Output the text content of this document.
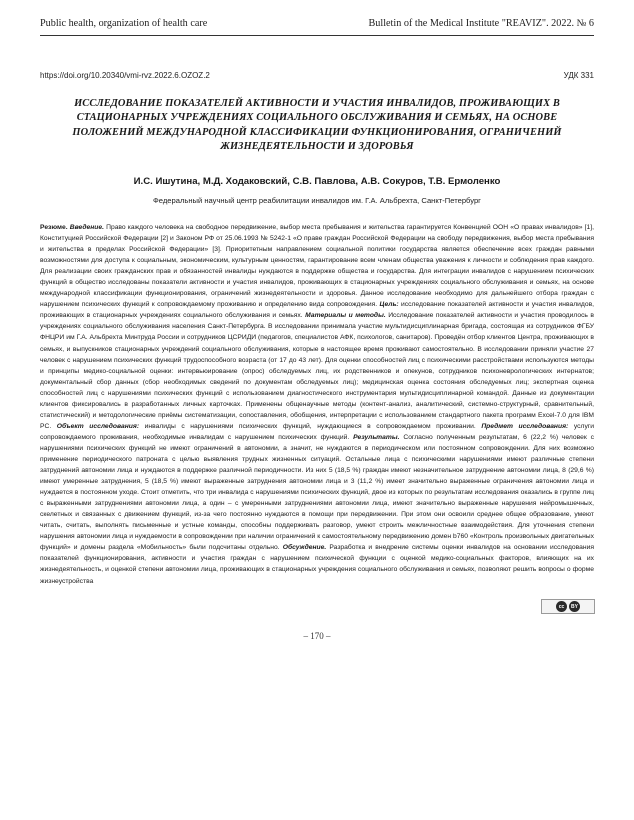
Public health, organization of health care	Bulletin of the Medical Institute "REAVIZ". 2022. № 6
https://doi.org/10.20340/vmi-rvz.2022.6.OZOZ.2	УДК 331
ИССЛЕДОВАНИЕ ПОКАЗАТЕЛЕЙ АКТИВНОСТИ И УЧАСТИЯ ИНВАЛИДОВ, ПРОЖИВАЮЩИХ В СТАЦИОНАРНЫХ УЧРЕЖДЕНИЯХ СОЦИАЛЬНОГО ОБСЛУЖИВАНИЯ И СЕМЬЯХ, НА ОСНОВЕ ПОЛОЖЕНИЙ МЕЖДУНАРОДНОЙ КЛАССИФИКАЦИИ ФУНКЦИОНИРОВАНИЯ, ОГРАНИЧЕНИЙ ЖИЗНЕДЕЯТЕЛЬНОСТИ И ЗДОРОВЬЯ
И.С. Ишутина, М.Д. Ходаковский, С.В. Павлова, А.В. Сокуров, Т.В. Ермоленко
Федеральный научный центр реабилитации инвалидов им. Г.А. Альбрехта, Санкт-Петербург
Резюме. Введение. Право каждого человека на свободное передвижение, выбор места пребывания и жительства гарантируется Конвенцией ООН «О правах инвалидов» [1], Конституцией Российской Федерации [2] и Законом РФ от 25.06.1993 № 5242-1 «О праве граждан Российской Федерации на свободу передвижения, выбор места пребывания и жительства в пределах Российской Федерации» [3]. Приоритетным направлением социальной политики государства является обеспечение всех граждан равными возможностями для доступа к социальным, экономическим, культурным ценностям, гарантирование всем членам общества уважения к личности и соблюдения прав каждого. Для реализации своих гражданских прав и обязанностей инвалиды нуждаются в поддержке общества и государства. Для интеграции инвалидов с нарушением психических функций в общество исследованы показатели активности и участия инвалидов, проживающих в стационарных учреждениях социального обслуживания и семьях, на основе международной классификации функционирования, ограничений жизнедеятельности и здоровья. Данное исследование необходимо для дальнейшего отбора граждан с нарушением психических функций к сопровождаемому проживанию и определению вида сопровождения. Цель: исследование показателей активности и участия инвалидов, проживающих в стационарных учреждениях социального обслуживания и семьях. Материалы и методы. Исследование показателей активности и участия проводилось в учреждениях социального обслуживания населения Санкт-Петербурга. В исследовании принимала участие мультидисциплинарная бригада, состоящая из сотрудников ФГБУ ФНЦРИ им Г.А. Альбрехта Минтруда России и сотрудников ЦСРИДИ (педагогов, специалистов АФК, психологов, санитаров). Проведён отбор клиентов Центра, проживающих в семьях, и выпускников стационарных учреждений социального обслуживания, которые в настоящее время проживают самостоятельно. В исследовании приняли участие 27 человек с нарушением психических функций трудоспособного возраста (от 17 до 43 лет). Для оценки способностей лиц с психическими расстройствами используются методы и принципы медико-социальной оценки: интервьюирование (опрос) обследуемых лиц, их родственников и опекунов, сотрудников психоневрологических интернатов; документальный сбор данных (сбор необходимых сведений по документам обследуемых лиц); медицинская оценка состояния обследуемых лиц; экспертная оценка способностей лиц с нарушениями психических функций с использованием диагностического инструментария мультидисциплинарной командой. Данные из документации клиентов фиксировались в разработанных личных карточках. Применены общенаучные методы (контент-анализ, аналитический, системно-структурный, сравнительный, статистический) и методологические приёмы систематизации, сопоставления, обобщения, интерпретации с использованием стандартного пакета программ Excel-7.0 для IBM PC. Объект исследования: инвалиды с нарушениями психических функций, нуждающиеся в сопровождаемом проживании. Предмет исследования: услуги сопровождаемого проживания, необходимые инвалидам с нарушением психических функций. Результаты. Согласно полученным результатам, 6 (22,2 %) человек с нарушениями психических функций не имеют ограничений в автономии, а значит, не нуждаются в периодическом или постоянном сопровождении. Для них возможно применение периодического патроната с целью выявления трудных жизненных ситуаций. Остальные лица с психическими нарушениями имеют различные степени затруднений автономии лица и нуждаются в поддержке различной периодичности. Из них 5 (18,5 %) граждан имеют незначительное затруднение автономии лица, 8 (29,6 %) имеют умеренные затруднения, 5 (18,5 %) имеют выраженные затруднения автономии лица и 3 (11,2 %) имеет значительно выраженные ограничения автономии лица и нуждается в постоянном уходе. Стоит отметить, что три инвалида с нарушениями психических функций, двое из которых по результатам исследования оказались в группе лиц с выраженными затруднениями автономии лица, а один – с умеренными затруднениями автономии лица, имеют значительно выраженные нарушения нейромышечных, скелетных и связанных с движением функций, из-за чего постоянно нуждаются в помощи при передвижении. При этом они освоили среднее общее образование, умеют читать, считать, выполнять письменные и устные команды, способны поддерживать разговор, умеют строить межличностные взаимодействия. Для уточнения степени нарушения автономии лица и нуждаемости в сопровождении при наличии ограничений к самостоятельному передвижению домен b760 «Контроль произвольных двигательных функций» и домены раздела «Мобильность» были подсчитаны отдельно. Обсуждение. Разработка и внедрение системы оценки инвалидов на основании исследования показателей функционирования, активности и участия граждан с нарушением психической функции с оценкой медико-социальных факторов, влияющих на их жизнедеятельность, и оценкой степени автономии лица, проживающих в стационарных учреждения социального обслуживания и семьях, позволяют решить вопросы о форме жизнеустройства
cc	BY
– 170 –
